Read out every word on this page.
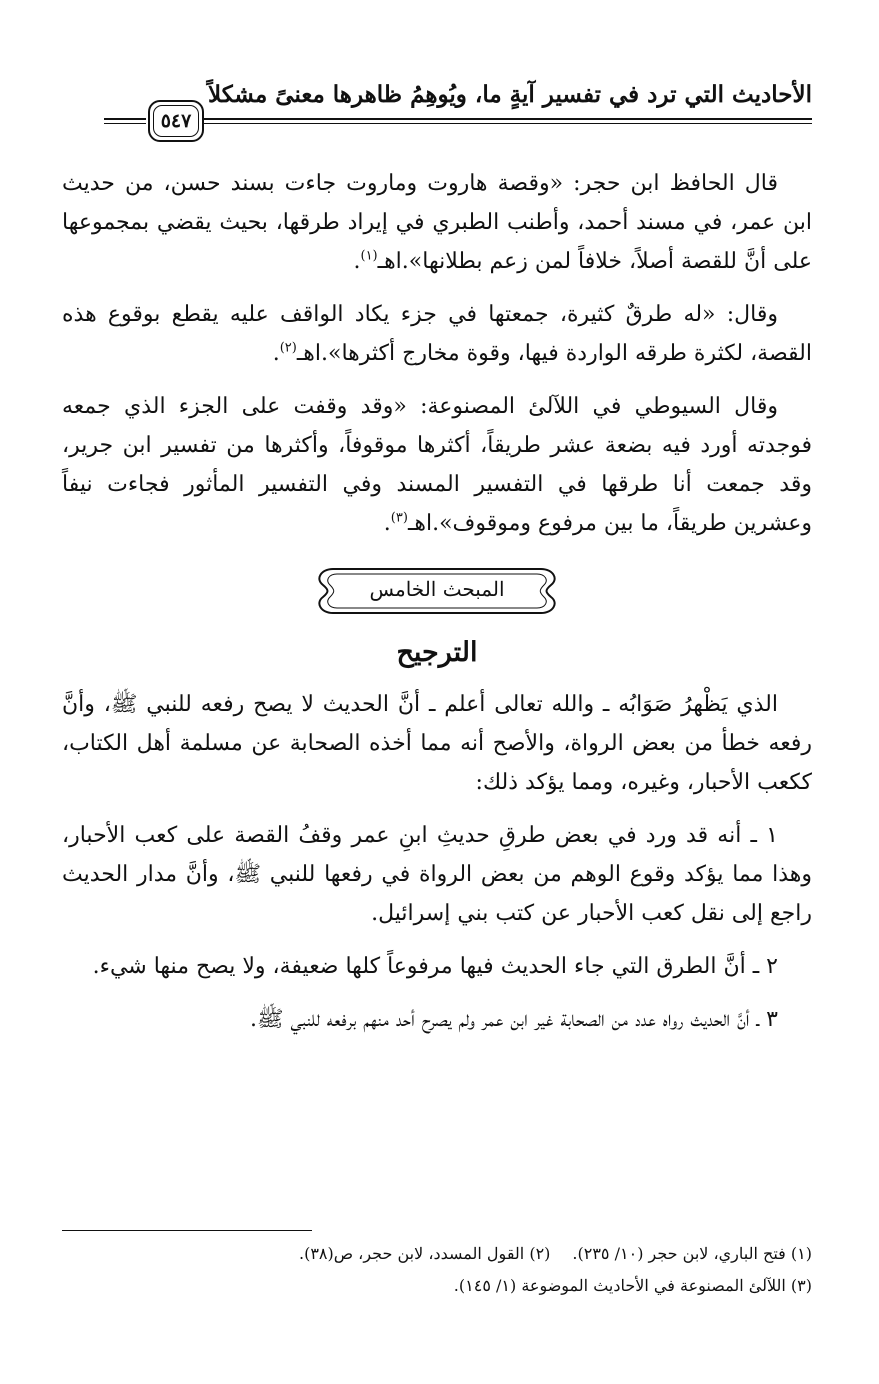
الأحاديث التي ترد في تفسير آيةٍ ما، ويُوهِمُ ظاهرها معنىً مشكلاً
٥٤٧

قال الحافظ ابن حجر: «وقصة هاروت وماروت جاءت بسند حسن، من حديث ابن عمر، في مسند أحمد، وأطنب الطبري في إيراد طرقها، بحيث يقضي بمجموعها على أنَّ للقصة أصلاً، خلافاً لمن زعم بطلانها».اهـ$^{(١)}$.

وقال: «له طرقٌ كثيرة، جمعتها في جزء يكاد الواقف عليه يقطع بوقوع هذه القصة، لكثرة طرقه الواردة فيها، وقوة مخارج أكثرها».اهـ$^{(٢)}$.

وقال السيوطي في اللآلئ المصنوعة: «وقد وقفت على الجزء الذي جمعه فوجدته أورد فيه بضعة عشر طريقاً، أكثرها موقوفاً، وأكثرها من تفسير ابن جرير، وقد جمعت أنا طرقها في التفسير المسند وفي التفسير المأثور فجاءت نيفاً وعشرين طريقاً، ما بين مرفوع وموقوف».اهـ$^{(٣)}$.

المبحث الخامس
الترجيح

الذي يَظْهرُ صَوَابُه ـ والله تعالى أعلم ـ أنَّ الحديث لا يصح رفعه للنبي ﷺ، وأنَّ رفعه خطأ من بعض الرواة، والأصح أنه مما أخذه الصحابة عن مسلمة أهل الكتاب، ككعب الأحبار، وغيره، ومما يؤكد ذلك:

١ ـ أنه قد ورد في بعض طرقِ حديثِ ابنِ عمر وقفُ القصة على كعب الأحبار، وهذا مما يؤكد وقوع الوهم من بعض الرواة في رفعها للنبي ﷺ، وأنَّ مدار الحديث راجع إلى نقل كعب الأحبار عن كتب بني إسرائيل.

٢ ـ أنَّ الطرق التي جاء الحديث فيها مرفوعاً كلها ضعيفة، ولا يصح منها شيء.

٣ ـ أنَّ الحديث رواه عدد من الصحابة غير ابن عمر ولم يصرح أحد منهم برفعه للنبي ﷺ.

(١) فتح الباري، لابن حجر (١٠/ ٢٣٥).(٢) القول المسدد، لابن حجر، ص(٣٨).
(٣) اللآلئ المصنوعة في الأحاديث الموضوعة (١/ ١٤٥).
